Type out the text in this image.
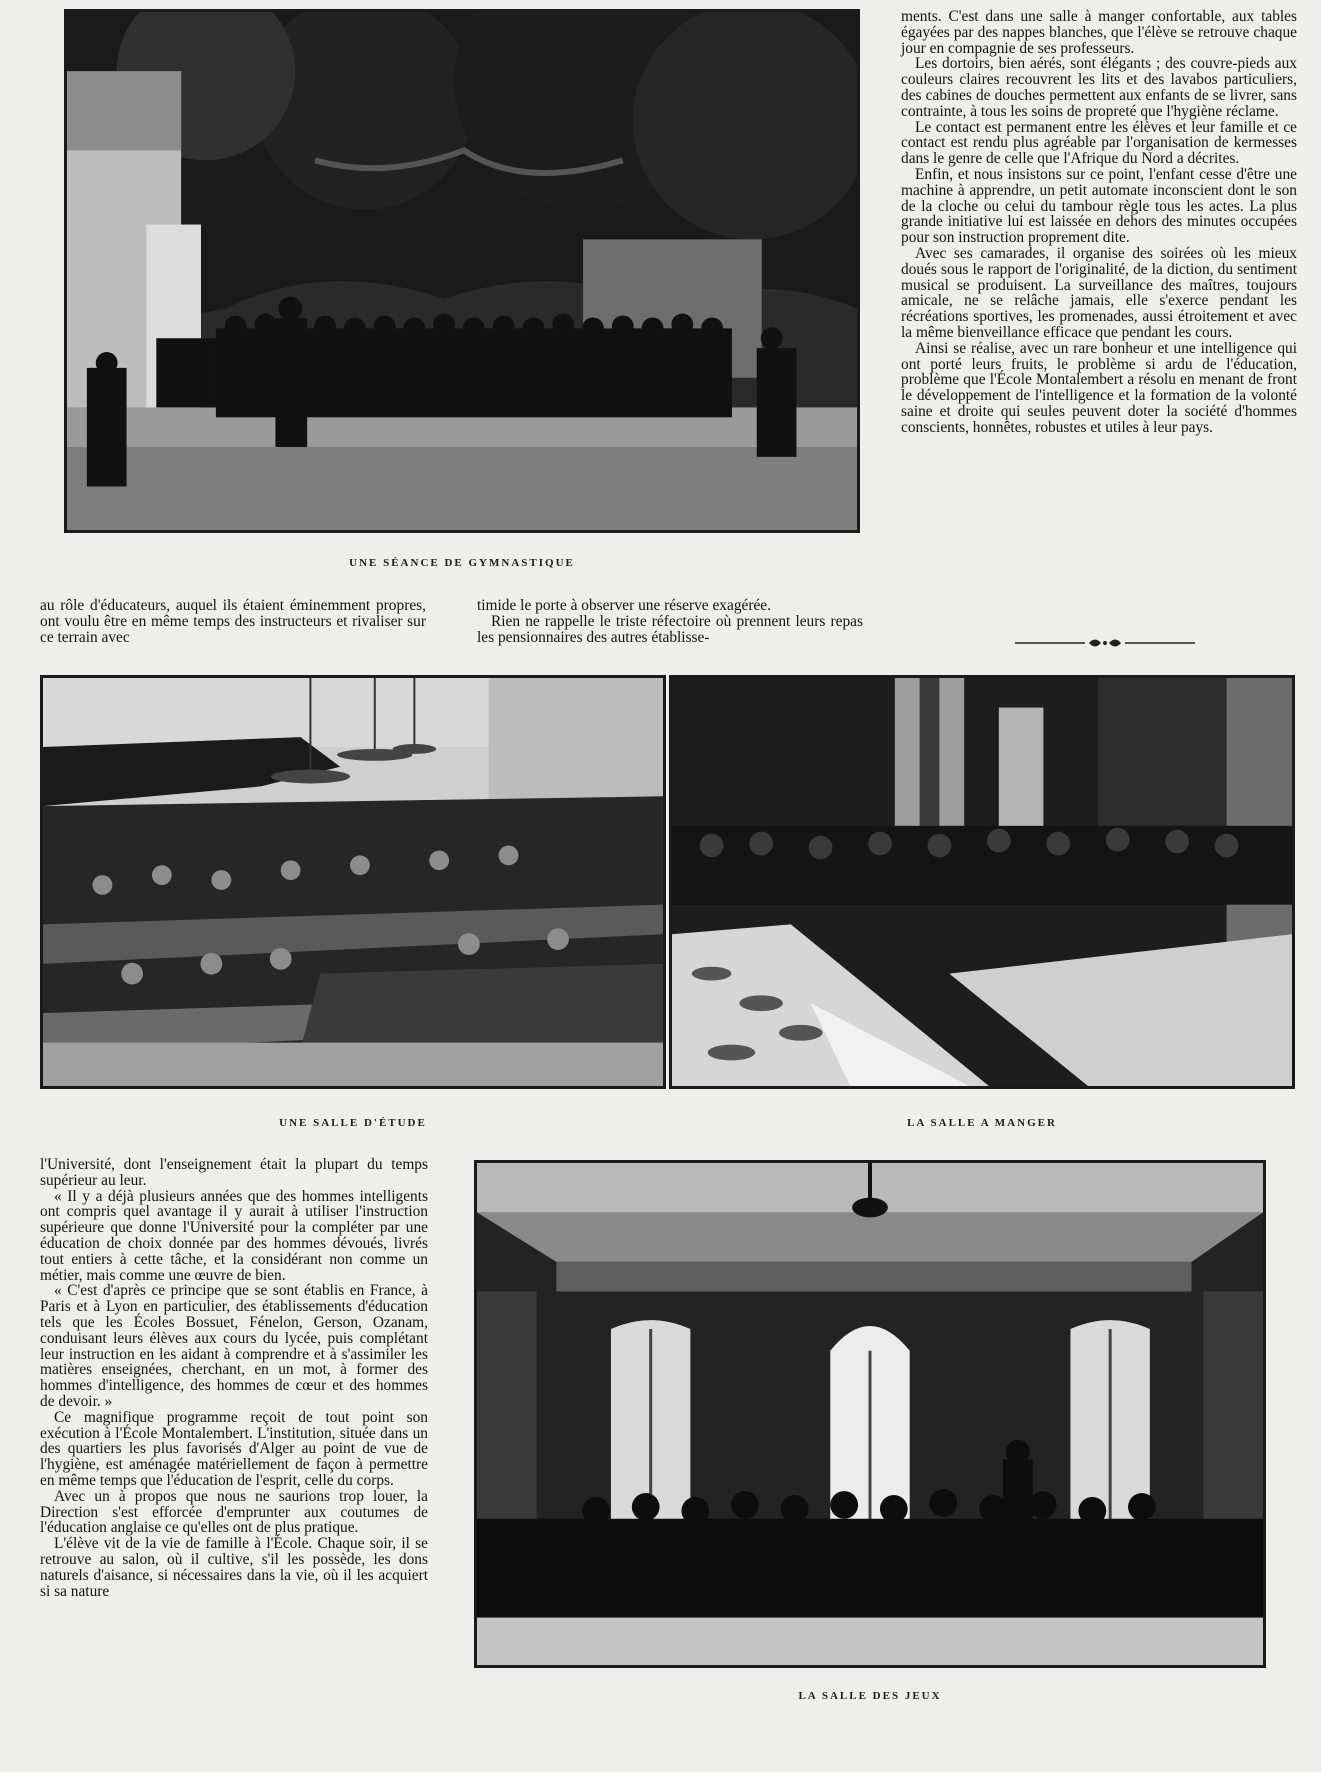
UNE SÉANCE DE GYMNASTIQUE

ments. C'est dans une salle à manger confortable, aux tables égayées par des nappes blanches, que l'élève se retrouve chaque jour en compagnie de ses professeurs.

Les dortoirs, bien aérés, sont élégants ; des couvre-pieds aux couleurs claires recouvrent les lits et des lavabos particuliers, des cabines de douches permettent aux enfants de se livrer, sans contrainte, à tous les soins de propreté que l'hygiène réclame.

Le contact est permanent entre les élèves et leur famille et ce contact est rendu plus agréable par l'organisation de kermesses dans le genre de celle que l'Afrique du Nord a décrites.

Enfin, et nous insistons sur ce point, l'enfant cesse d'être une machine à apprendre, un petit automate inconscient dont le son de la cloche ou celui du tambour règle tous les actes. La plus grande initiative lui est laissée en dehors des minutes occupées pour son instruction proprement dite.

Avec ses camarades, il organise des soirées où les mieux doués sous le rapport de l'originalité, de la diction, du sentiment musical se produisent. La surveillance des maîtres, toujours amicale, ne se relâche jamais, elle s'exerce pendant les récréations sportives, les promenades, aussi étroitement et avec la même bienveillance efficace que pendant les cours.

Ainsi se réalise, avec un rare bonheur et une intelligence qui ont porté leurs fruits, le problème si ardu de l'éducation, problème que l'École Montalembert a résolu en menant de front le développement de l'intelligence et la formation de la volonté saine et droite qui seules peuvent doter la société d'hommes conscients, honnêtes, robustes et utiles à leur pays.

au rôle d'éducateurs, auquel ils étaient éminemment propres, ont voulu être en même temps des instructeurs et rivaliser sur ce terrain avec

timide le porte à observer une réserve exagérée.

Rien ne rappelle le triste réfectoire où prennent leurs repas les pensionnaires des autres établisse-

UNE SALLE D'ÉTUDE	LA SALLE A MANGER

l'Université, dont l'enseignement était la plupart du temps supérieur au leur.

« Il y a déjà plusieurs années que des hommes intelligents ont compris quel avantage il y aurait à utiliser l'instruction supérieure que donne l'Université pour la compléter par une éducation de choix donnée par des hommes dévoués, livrés tout entiers à cette tâche, et la considérant non comme un métier, mais comme une œuvre de bien.

« C'est d'après ce principe que se sont établis en France, à Paris et à Lyon en particulier, des établissements d'éducation tels que les Écoles Bossuet, Fénelon, Gerson, Ozanam, conduisant leurs élèves aux cours du lycée, puis complétant leur instruction en les aidant à comprendre et à s'assimiler les matières enseignées, cherchant, en un mot, à former des hommes d'intelligence, des hommes de cœur et des hommes de devoir. »

Ce magnifique programme reçoit de tout point son exécution à l'École Montalembert. L'institution, située dans un des quartiers les plus favorisés d'Alger au point de vue de l'hygiène, est aménagée matériellement de façon à permettre en même temps que l'éducation de l'esprit, celle du corps.

Avec un à propos que nous ne saurions trop louer, la Direction s'est efforcée d'emprunter aux coutumes de l'éducation anglaise ce qu'elles ont de plus pratique.

L'élève vit de la vie de famille à l'École. Chaque soir, il se retrouve au salon, où il cultive, s'il les possède, les dons naturels d'aisance, si nécessaires dans la vie, où il les acquiert si sa nature

LA SALLE DES JEUX
